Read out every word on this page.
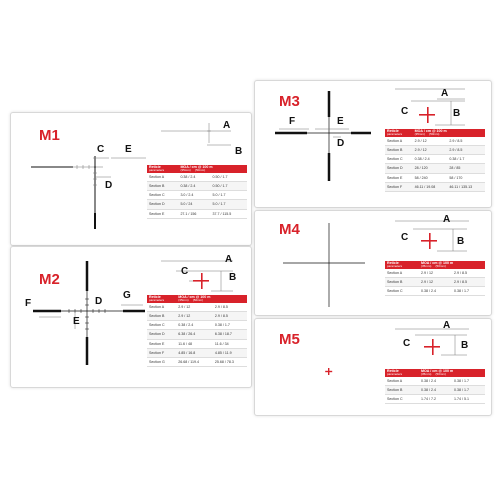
M1
C E
D
A
B
Reticle
parameters	MOA / cm @ 100 m
(35mm) (50mm)	

Section A	0.38 / 2.4	0.50 / 1.7
Section B	0.38 / 2.4	0.50 / 1.7
Section C	3.0 / 2.4	5.0 / 1.7
Section D	5.0 / 24	5.0 / 1.7
Section E	27.1 / 156	37.7 / 115.5
M2
F	D
G
E
C
A
B
Reticle
parameters	MOA / cm @ 100 m
(35mm) (50mm)	

Section A	2.9 / 12	2.9 / 8.5
Section B	2.9 / 12	2.9 / 8.5
Section C	0.38 / 2.4	0.38 / 1.7
Section D	6.38 / 26.4	6.38 / 18.7
Section E	11.6 / 48	11.6 / 34
Section F	4.85 / 16.8	4.85 / 11.9
Section G	26.68 / 119.4	25.68 / 78.3
M3
F	E
D
C
A
B
Reticle
parameters	MOA / cm @ 100 m
(35mm) (50mm)	

Section A	2.9 / 12	2.9 / 8.5
Section B	2.9 / 12	2.9 / 8.5
Section C	0.38 / 2.4	0.38 / 1.7
Section D	28 / 120	28 / 85
Section E	58 / 240	58 / 170
Section F	46.11 / 19.08	46.11 / 135.13
M4	C
A
B
Reticle
parameters	MOA / cm @ 100 m
(35mm) (50mm)	

Section A	2.9 / 12	2.9 / 8.5
Section B	2.9 / 12	2.9 / 8.5
Section C	0.38 / 2.4	0.38 / 1.7
M5	C
A
B
Reticle
parameters	MOA / cm @ 100 m
(35mm) (50mm)	

Section A	0.38 / 2.4	0.38 / 1.7
Section B	0.38 / 2.4	0.38 / 1.7
Section C	1.74 / 7.2	1.74 / 5.1
